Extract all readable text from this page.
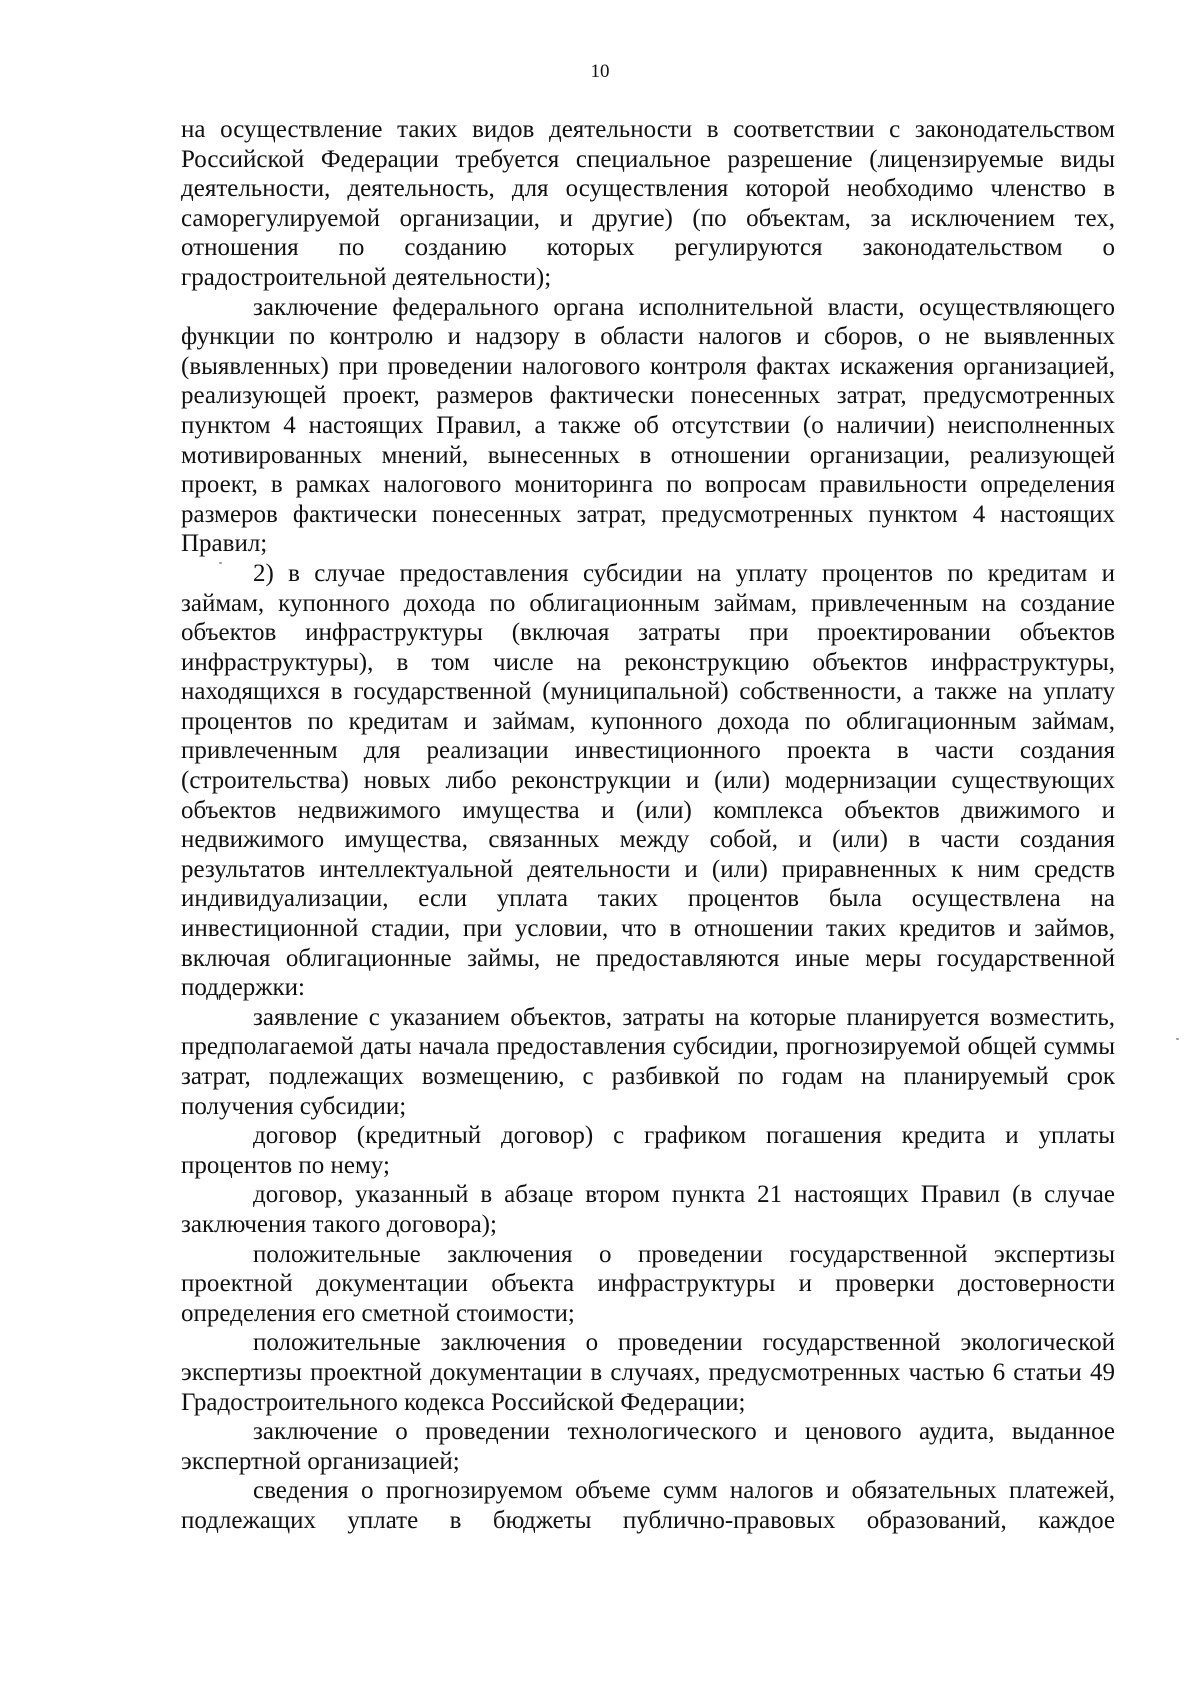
10

на осуществление таких видов деятельности в соответствии с законодательством Российской Федерации требуется специальное разрешение (лицензируемые виды деятельности, деятельность, для осуществления которой необходимо членство в саморегулируемой организации, и другие) (по объектам, за исключением тех, отношения по созданию которых регулируются законодательством о градостроительной деятельности);

заключение федерального органа исполнительной власти, осуществляющего функции по контролю и надзору в области налогов и сборов, о не выявленных (выявленных) при проведении налогового контроля фактах искажения организацией, реализующей проект, размеров фактически понесенных затрат, предусмотренных пунктом 4 настоящих Правил, а также об отсутствии (о наличии) неисполненных мотивированных мнений, вынесенных в отношении организации, реализующей проект, в рамках налогового мониторинга по вопросам правильности определения размеров фактически понесенных затрат, предусмотренных пунктом 4 настоящих Правил;

2) в случае предоставления субсидии на уплату процентов по кредитам и займам, купонного дохода по облигационным займам, привлеченным на создание объектов инфраструктуры (включая затраты при проектировании объектов инфраструктуры), в том числе на реконструкцию объектов инфраструктуры, находящихся в государственной (муниципальной) собственности, а также на уплату процентов по кредитам и займам, купонного дохода по облигационным займам, привлеченным для реализации инвестиционного проекта в части создания (строительства) новых либо реконструкции и (или) модернизации существующих объектов недвижимого имущества и (или) комплекса объектов движимого и недвижимого имущества, связанных между собой, и (или) в части создания результатов интеллектуальной деятельности и (или) приравненных к ним средств индивидуализации, если уплата таких процентов была осуществлена на инвестиционной стадии, при условии, что в отношении таких кредитов и займов, включая облигационные займы, не предоставляются иные меры государственной поддержки:

заявление с указанием объектов, затраты на которые планируется возместить, предполагаемой даты начала предоставления субсидии, прогнозируемой общей суммы затрат, подлежащих возмещению, с разбивкой по годам на планируемый срок получения субсидии;

договор (кредитный договор) с графиком погашения кредита и уплаты процентов по нему;

договор, указанный в абзаце втором пункта 21 настоящих Правил (в случае заключения такого договора);

положительные заключения о проведении государственной экспертизы проектной документации объекта инфраструктуры и проверки достоверности определения его сметной стоимости;

положительные заключения о проведении государственной экологической экспертизы проектной документации в случаях, предусмотренных частью 6 статьи 49 Градостроительного кодекса Российской Федерации;

заключение о проведении технологического и ценового аудита, выданное экспертной организацией;

сведения о прогнозируемом объеме сумм налогов и обязательных платежей, подлежащих уплате в бюджеты публично-правовых образований, каждое
